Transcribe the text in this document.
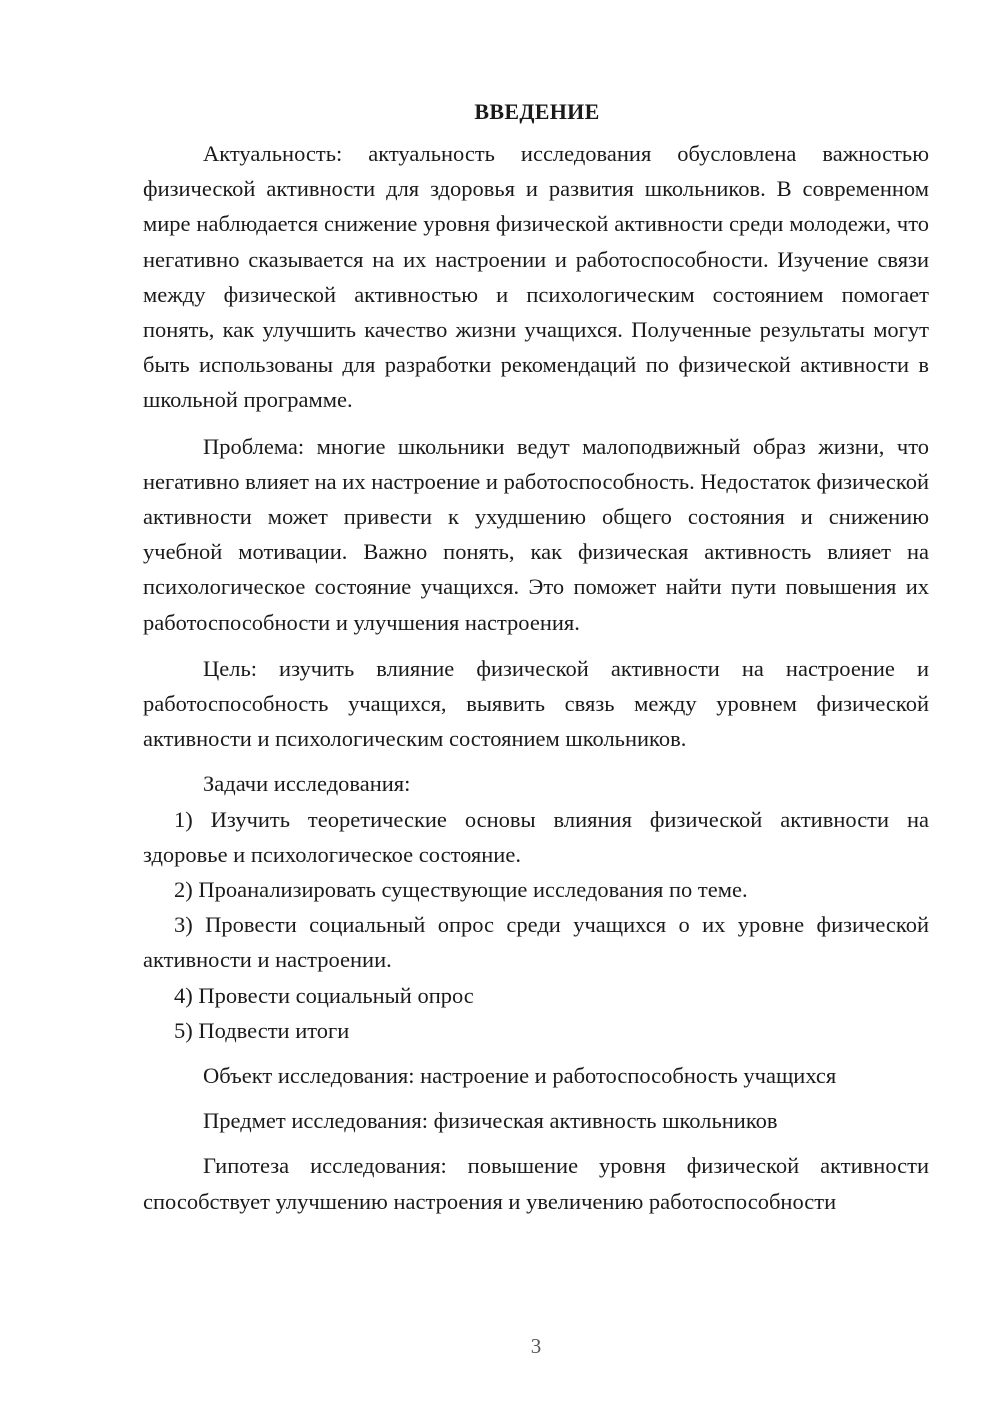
ВВЕДЕНИЕ

Актуальность: актуальность исследования обусловлена важностью физической активности для здоровья и развития школьников. В современном мире наблюдается снижение уровня физической активности среди молодежи, что негативно сказывается на их настроении и работоспособности. Изучение связи между физической активностью и психологическим состоянием помогает понять, как улучшить качество жизни учащихся. Полученные результаты могут быть использованы для разработки рекомендаций по физической активности в школьной программе.

Проблема: многие школьники ведут малоподвижный образ жизни, что негативно влияет на их настроение и работоспособность. Недостаток физической активности может привести к ухудшению общего состояния и снижению учебной мотивации. Важно понять, как физическая активность влияет на психологическое состояние учащихся. Это поможет найти пути повышения их работоспособности и улучшения настроения.

Цель: изучить влияние физической активности на настроение и работоспособность учащихся, выявить связь между уровнем физической активности и психологическим состоянием школьников.

Задачи исследования:

1) Изучить теоретические основы влияния физической активности на здоровье и психологическое состояние.

2) Проанализировать существующие исследования по теме.

3) Провести социальный опрос среди учащихся о их уровне физической активности и настроении.

4) Провести социальный опрос

5) Подвести итоги

Объект исследования: настроение и работоспособность учащихся

Предмет исследования: физическая активность школьников

Гипотеза исследования: повышение уровня физической активности способствует улучшению настроения и увеличению работоспособности

3
